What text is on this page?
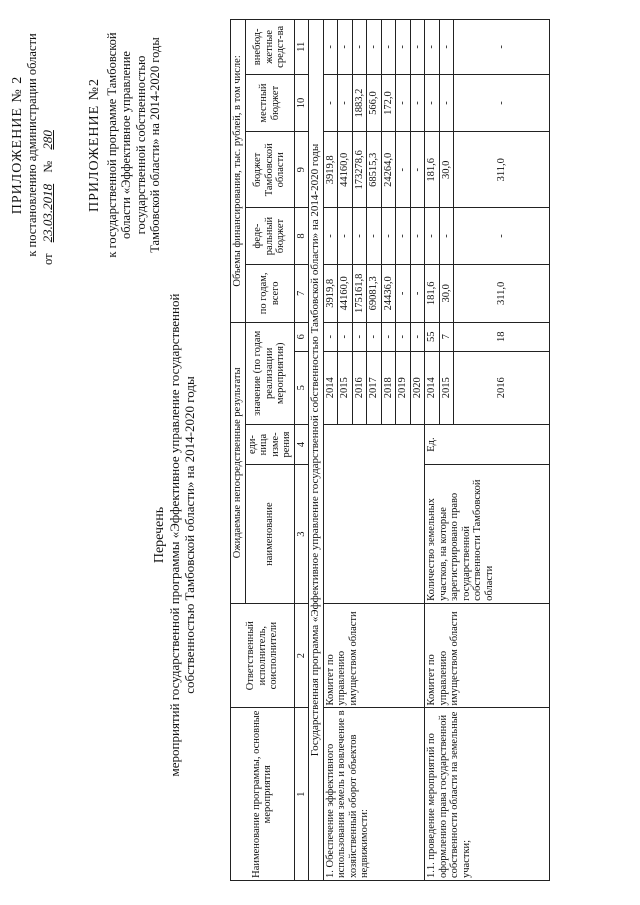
ПРИЛОЖЕНИЕ № 2 к постановлению администрации области
от 23.03.2018 № 280 ПРИЛОЖЕНИЕ №2 к государственной программе Тамбовской области «Эффективное управление государственной собственностью Тамбовской области» на 2014-2020 годы
Перечень мероприятий государственной программы «Эффективное управление государственной собственностью Тамбовской области» на 2014-2020 годы
Наименование программы, основные мероприятия	Ответственный исполнитель, соисполнители	Ожидаемые непосредственные результаты				Объемы финансирования, тыс. рублей, в том числе:				
		наименование	еди-ница изме-рения	значение (по годам реализации мероприятия)		по годам, всего	феде-ральный бюджет	бюджет Тамбовской области	местный бюджет	внебюд-жетные средст-ва
1	2	3	4	5	6	7	8	9	10	11
Государственная программа «Эффективное управление государственной собственностью Тамбовской области» на 2014-2020 годы										
1. Обеспечение эффективного использования земель и вовлечение в хозяйственный оборот объектов недвижимости:	Комитет по управлению имуществом области			2014	-	3919,8	-	3919,8	-	-
				2015	-	44160,0	-	44160,0	-	-
				2016	-	175161,8	-	173278,6	1883,2	-
				2017	-	69081,3	-	68515,3	566,0	-
				2018	-	24436,0	-	24264,0	172,0	-
				2019	-	-	-	-	-	-
				2020	-	-	-	-	-	-
1.1. проведение мероприятий по оформлению права государственной собственности области на земельные участки;	Комитет по управлению имуществом области	Количество земельных участков, на которые зарегистрировано право государственной собственности Тамбовской области	Ед.	2014	55	181,6	-	181,6	-	-
				2015	7	30,0	-	30,0	-	-
				2016	18	311,0	-	311,0	-	-
